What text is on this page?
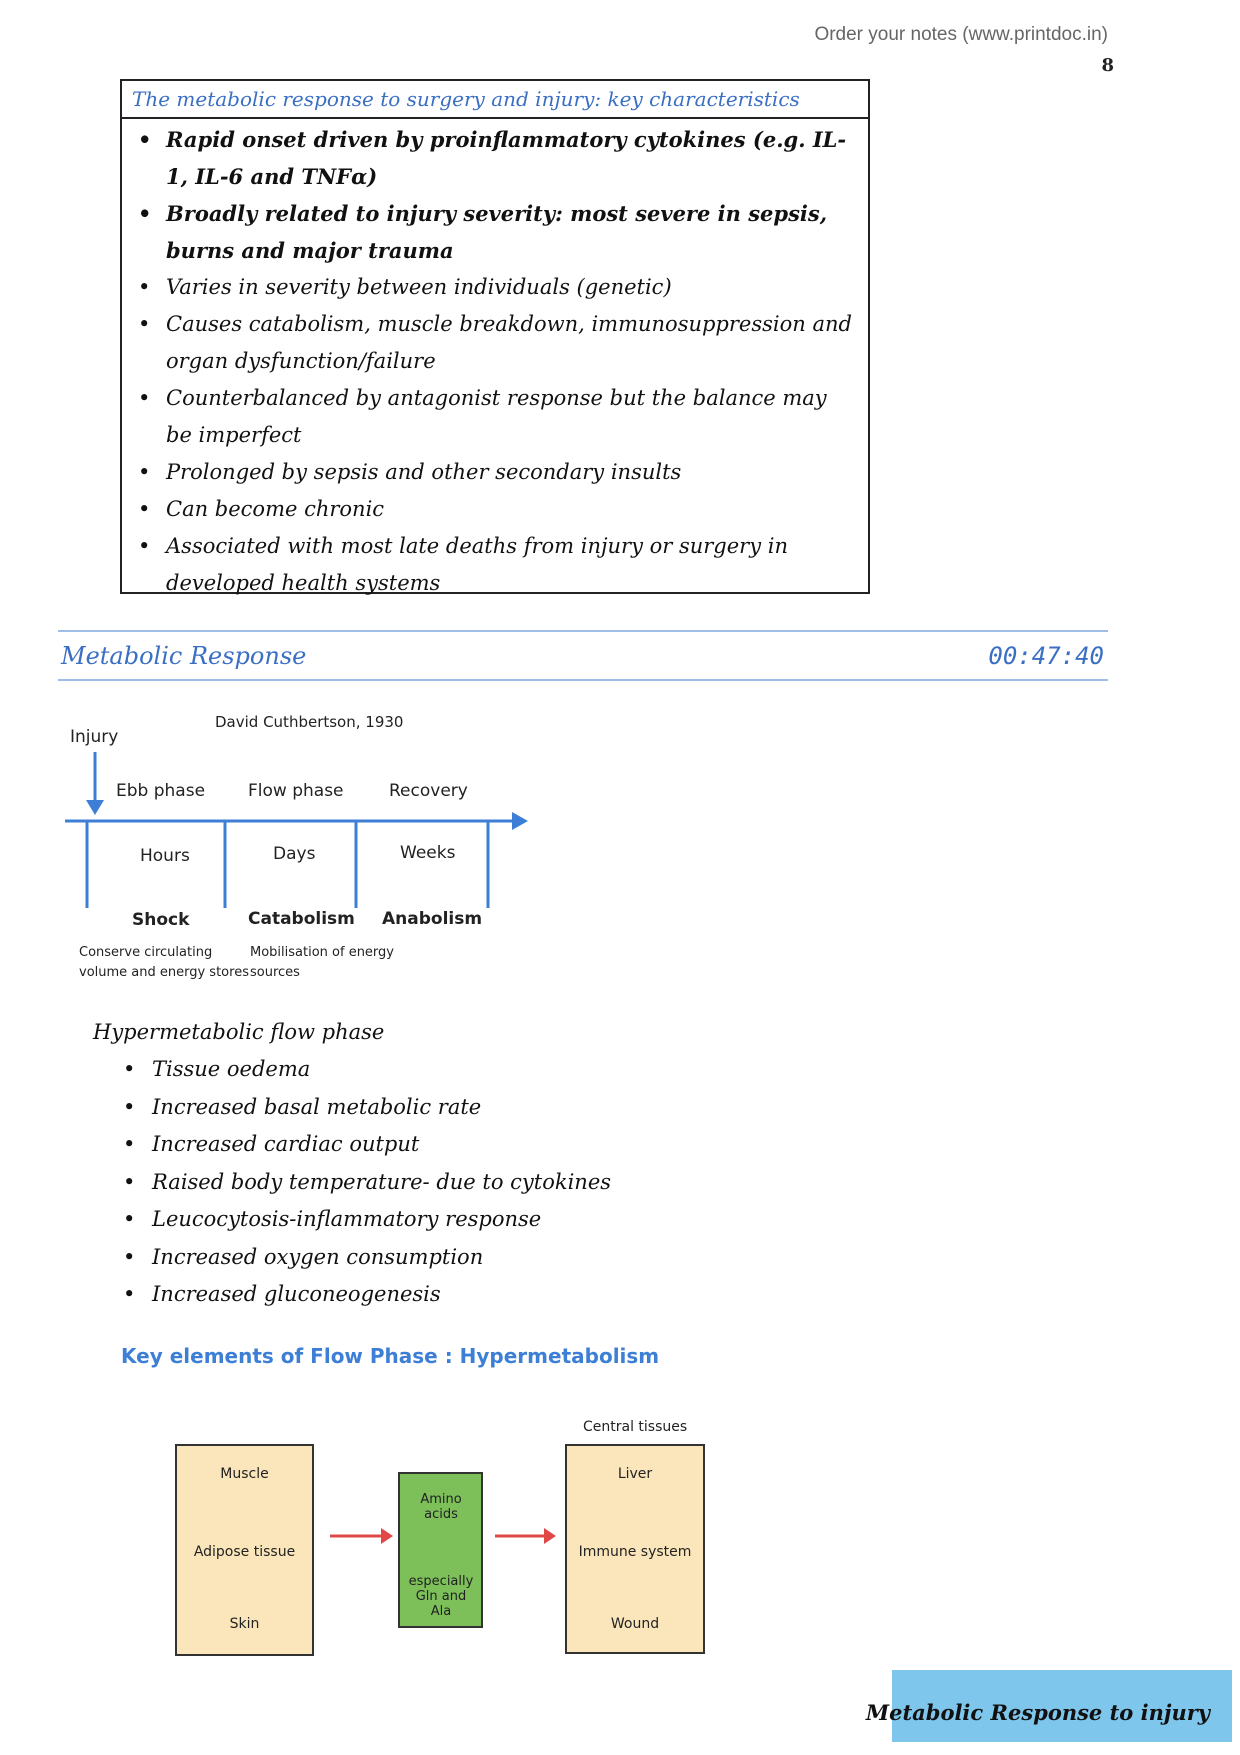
Order your notes (www.printdoc.in)
8
The metabolic response to surgery and injury: key characteristics
• Rapid onset driven by proinflammatory cytokines (e.g. IL-1, IL-6 and TNFα)
• Broadly related to injury severity: most severe in sepsis, burns and major trauma
• Varies in severity between individuals (genetic)
• Causes catabolism, muscle breakdown, immunosuppression and organ dysfunction/failure
• Counterbalanced by antagonist response but the balance may be imperfect
• Prolonged by sepsis and other secondary insults
• Can become chronic
• Associated with most late deaths from injury or surgery in developed health systems
Metabolic Response	00:47:40
David Cuthbertson, 1930
Injury
Ebb phase	Flow phase	Recovery
Hours	Days	Weeks
Shock	Catabolism Anabolism
Conserve circulating
volume and energy stores
Mobilisation of energy
sources
Hypermetabolic flow phase
• Tissue oedema
• Increased basal metabolic rate
• Increased cardiac output
• Raised body temperature- due to cytokines
• Leucocytosis-inflammatory response
• Increased oxygen consumption
• Increased gluconeogenesis
Key elements of Flow Phase : Hypermetabolism
Central tissues
Muscle
Adipose tissue
Skin
Amino acids
especially Gln and Ala
Liver
Immune system
Wound
Metabolic Response to injury
